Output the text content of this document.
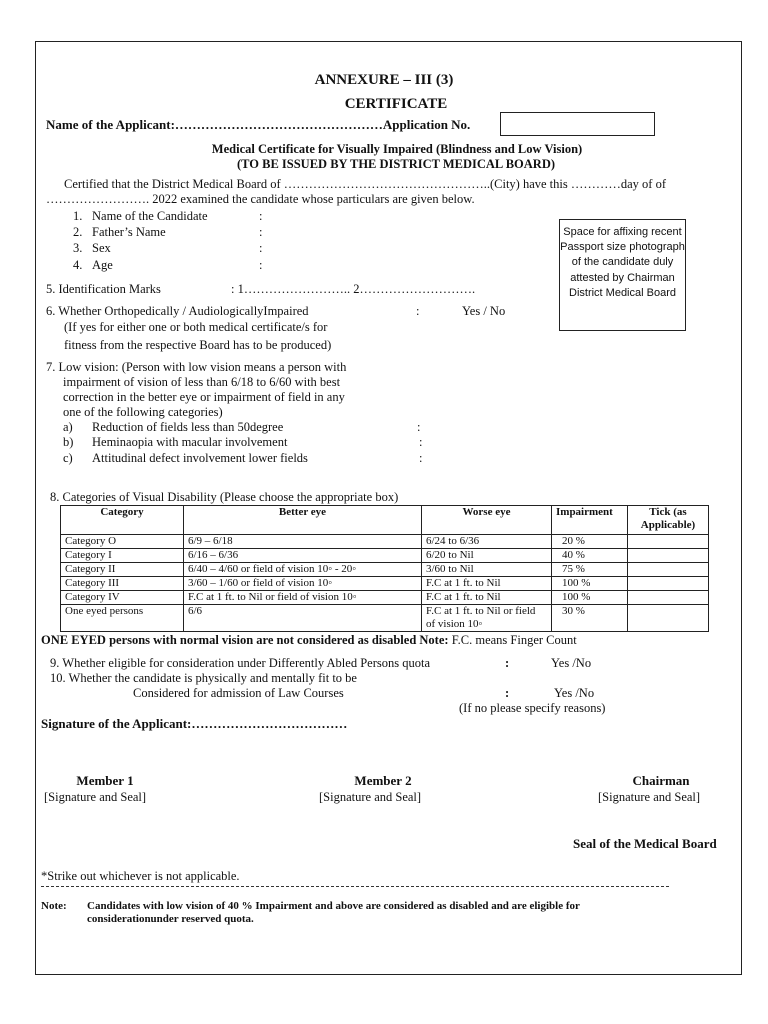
ANNEXURE – III (3)
CERTIFICATE
Name of the Applicant:…………………………………………Application No.
Medical Certificate for Visually Impaired (Blindness and Low Vision)
(TO BE ISSUED BY THE DISTRICT MEDICAL BOARD)
Certified that the District Medical Board of …………………………………………..(City) have this …………day of of
……………………. 2022 examined the candidate whose particulars are given below.
1. Name of the Candidate	:
2. Father’s Name	:
3. Sex	:
4. Age	:
Space for affixing recent Passport size photograph of the candidate duly attested by Chairman District Medical Board
5. Identification Marks	: 1…………………….. 2……………………….
6. Whether Orthopedically / AudiologicallyImpaired	:	Yes / No
(If yes for either one or both medical certificate/s for
fitness from the respective Board has to be produced)
7. Low vision: (Person with low vision means a person with
impairment of vision of less than 6/18 to 6/60 with best
correction in the better eye or impairment of field in any
one of the following categories)
a) Reduction of fields less than 50degree	:
b) Heminaopia with macular involvement	:
c) Attitudinal defect involvement lower fields	:
8. Categories of Visual Disability (Please choose the appropriate box)
Category	Better eye	Worse eye	Impairment	Tick (as Applicable)
Category O	6/9 – 6/18	6/24 to 6/36	20 %	
Category I	6/16 – 6/36	6/20 to Nil	40 %	
Category II	6/40 – 4/60 or field of vision 10◦ - 20◦	3/60 to Nil	75 %	
Category III	3/60 – 1/60 or field of vision 10◦	F.C at 1 ft. to Nil	100 %	
Category IV	F.C at 1 ft. to Nil or field of vision 10◦	F.C at 1 ft. to Nil	100 %	
One eyed persons	6/6	F.C at 1 ft. to Nil or field of vision 10◦	30 %	
ONE EYED persons with normal vision are not considered as disabled Note: F.C. means Finger Count
9. Whether eligible for consideration under Differently Abled Persons quota	:	Yes /No
10. Whether the candidate is physically and mentally fit to be
Considered for admission of Law Courses	:	Yes /No
(If no please specify reasons)
Signature of the Applicant:………………………………
Member 1
[Signature and Seal]
Member 2
[Signature and Seal]
Chairman
[Signature and Seal]
Seal of the Medical Board
*Strike out whichever is not applicable.
Note: Candidates with low vision of 40 % Impairment and above are considered as disabled and are eligible for
considerationunder reserved quota.
